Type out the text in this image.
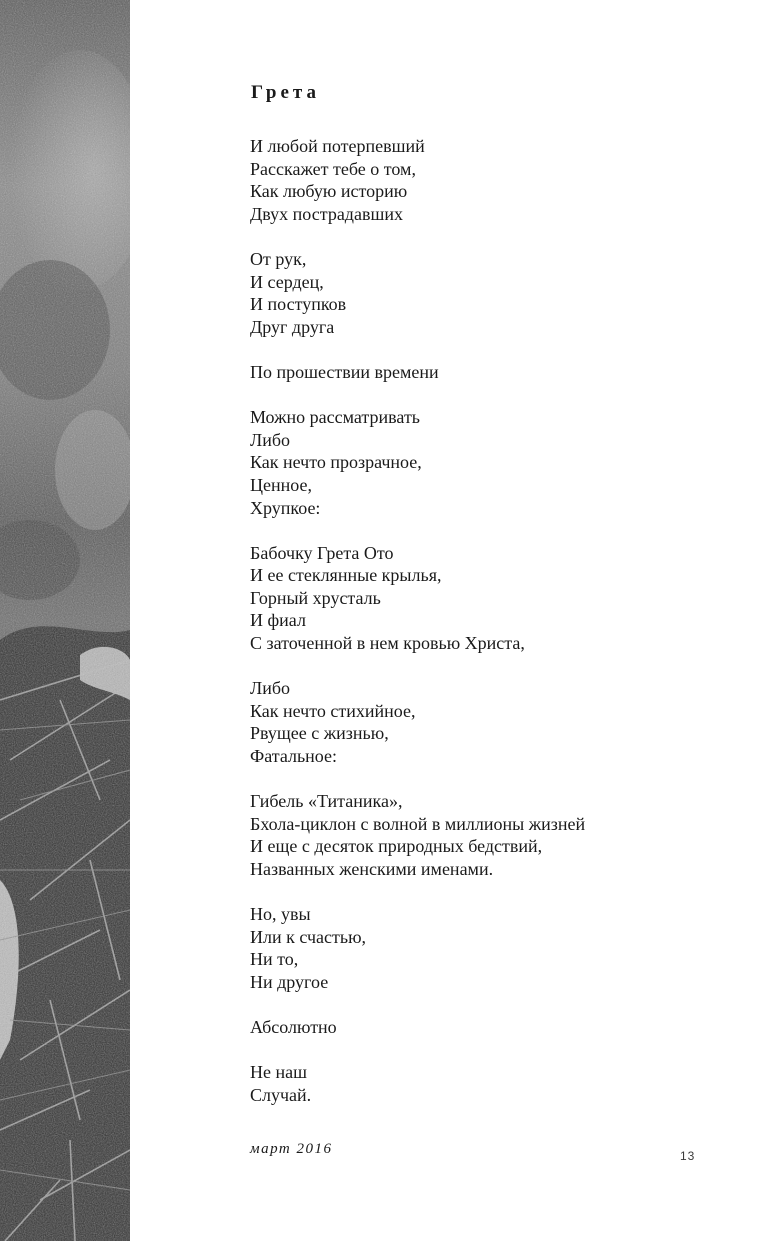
Грета

И любой потерпевший
Расскажет тебе о том,
Как любую историю
Двух пострадавших

От рук,
И сердец,
И поступков
Друг друга

По прошествии времени

Можно рассматривать
Либо
Как нечто прозрачное,
Ценное,
Хрупкое:

Бабочку Грета Ото
И ее стеклянные крылья,
Горный хрусталь
И фиал
С заточенной в нем кровью Христа,

Либо
Как нечто стихийное,
Рвущее с жизнью,
Фатальное:

Гибель «Титаника»,
Бхола-циклон с волной в миллионы жизней
И еще с десяток природных бедствий,
Названных женскими именами.

Но, увы
Или к счастью,
Ни то,
Ни другое

Абсолютно

Не наш
Случай.

март 2016	13
